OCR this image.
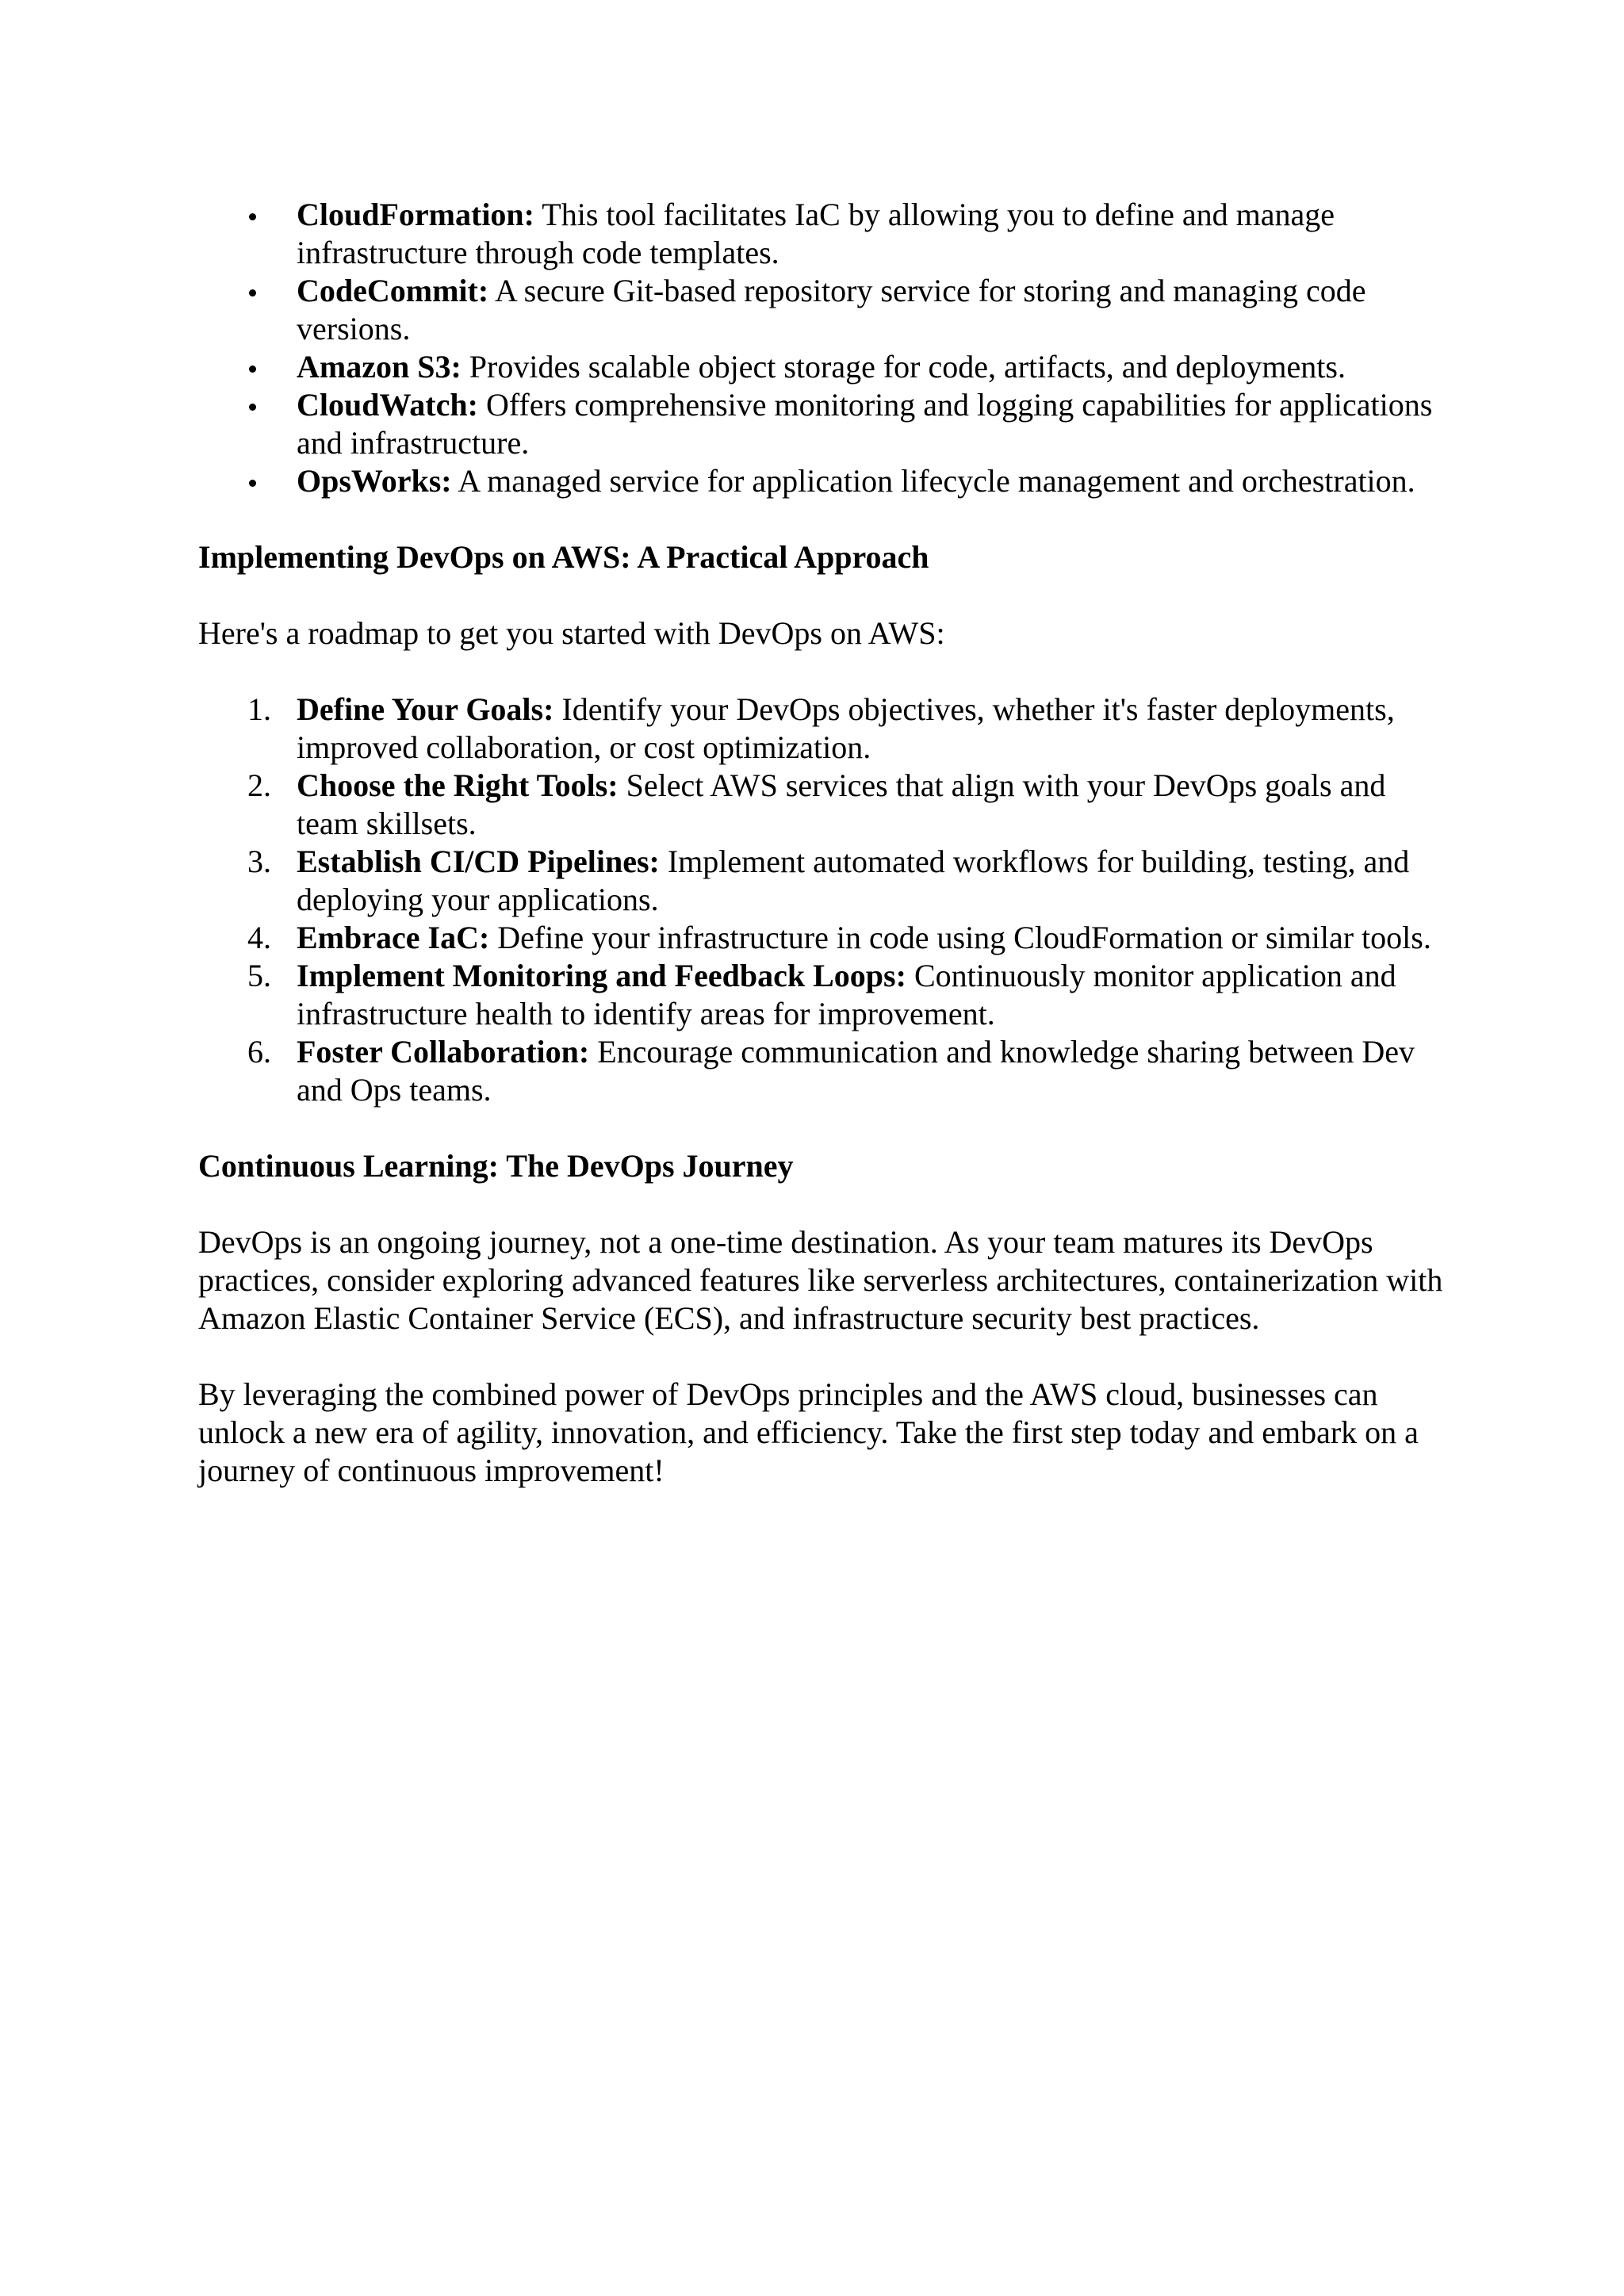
CloudFormation: This tool facilitates IaC by allowing you to define and manage infrastructure through code templates.
CodeCommit: A secure Git-based repository service for storing and managing code versions.
Amazon S3: Provides scalable object storage for code, artifacts, and deployments.
CloudWatch: Offers comprehensive monitoring and logging capabilities for applications and infrastructure.
OpsWorks: A managed service for application lifecycle management and orchestration.

Implementing DevOps on AWS: A Practical Approach

Here's a roadmap to get you started with DevOps on AWS:

1. Define Your Goals: Identify your DevOps objectives, whether it's faster deployments, improved collaboration, or cost optimization.
2. Choose the Right Tools: Select AWS services that align with your DevOps goals and team skillsets.
3. Establish CI/CD Pipelines: Implement automated workflows for building, testing, and deploying your applications.
4. Embrace IaC: Define your infrastructure in code using CloudFormation or similar tools.
5. Implement Monitoring and Feedback Loops: Continuously monitor application and infrastructure health to identify areas for improvement.
6. Foster Collaboration: Encourage communication and knowledge sharing between Dev and Ops teams.

Continuous Learning: The DevOps Journey

DevOps is an ongoing journey, not a one-time destination. As your team matures its DevOps practices, consider exploring advanced features like serverless architectures, containerization with Amazon Elastic Container Service (ECS), and infrastructure security best practices.

By leveraging the combined power of DevOps principles and the AWS cloud, businesses can unlock a new era of agility, innovation, and efficiency. Take the first step today and embark on a journey of continuous improvement!
